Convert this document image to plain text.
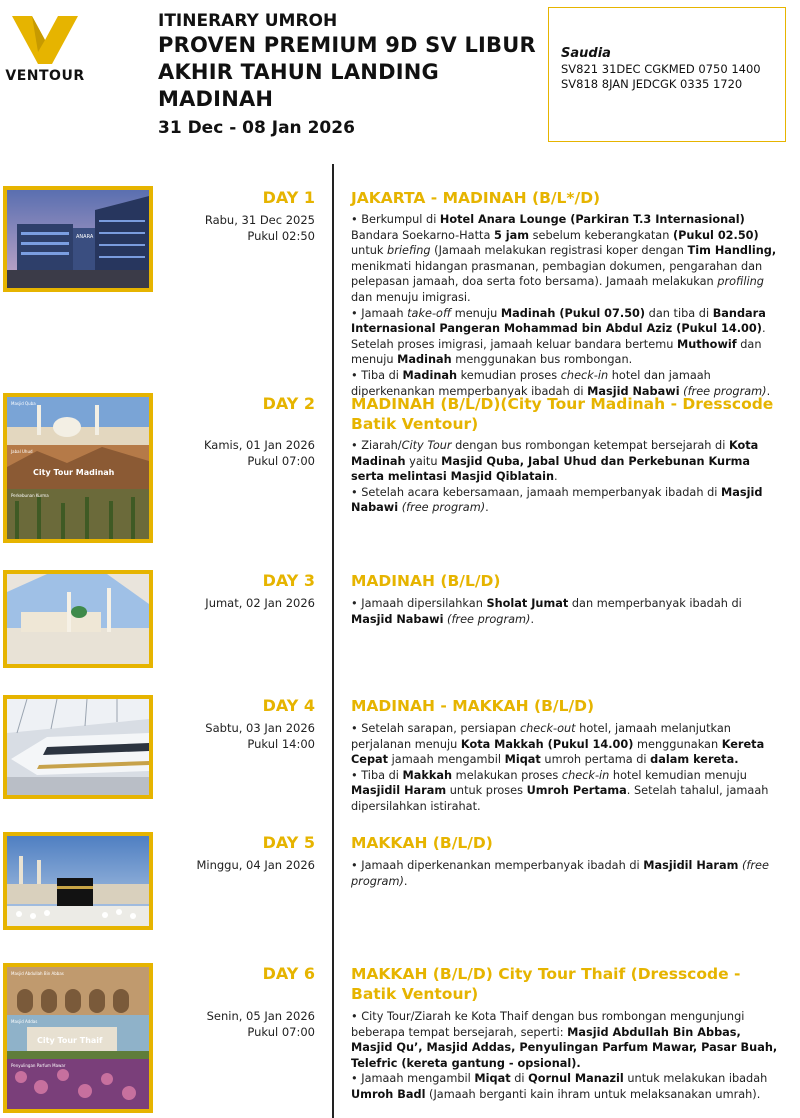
VENTOUR
ITINERARY UMROH
PROVEN PREMIUM 9D SV LIBUR
AKHIR TAHUN LANDING
MADINAH
31 Dec - 08 Jan 2026
Saudia
SV821 31DEC CGKMED 0750 1400
SV818 8JAN JEDCGK 0335 1720
ANARA
DAY 1
Rabu, 31 Dec 2025
Pukul 02:50
JAKARTA - MADINAH (B/L*/D)

• Berkumpul di Hotel Anara Lounge (Parkiran T.3 Internasional) Bandara Soekarno-Hatta 5 jam sebelum keberangkatan (Pukul 02.50) untuk briefing (Jamaah melakukan registrasi koper dengan Tim Handling, menikmati hidangan prasmanan, pembagian dokumen, pengarahan dan pelepasan jamaah, doa serta foto bersama). Jamaah melakukan profiling dan menuju imigrasi.

• Jamaah take-off menuju Madinah (Pukul 07.50) dan tiba di Bandara Internasional Pangeran Mohammad bin Abdul Aziz (Pukul 14.00). Setelah proses imigrasi, jamaah keluar bandara bertemu Muthowif dan menuju Madinah menggunakan bus rombongan.

• Tiba di Madinah kemudian proses check-in hotel dan jamaah diperkenankan memperbanyak ibadah di Masjid Nabawi (free program).

Masjid Quba
Jabal Uhud
City Tour Madinah
Perkebunan Kurma
DAY 2
Kamis, 01 Jan 2026
Pukul 07:00
MADINAH (B/L/D)(City Tour Madinah - Dresscode Batik Ventour)

• Ziarah/City Tour dengan bus rombongan ketempat bersejarah di Kota Madinah yaitu Masjid Quba, Jabal Uhud dan Perkebunan Kurma serta melintasi Masjid Qiblatain.

• Setelah acara kebersamaan, jamaah memperbanyak ibadah di Masjid Nabawi (free program).

DAY 3
Jumat, 02 Jan 2026
MADINAH (B/L/D)

• Jamaah dipersilahkan Sholat Jumat dan memperbanyak ibadah di Masjid Nabawi (free program).

DAY 4
Sabtu, 03 Jan 2026
Pukul 14:00
MADINAH - MAKKAH (B/L/D)

• Setelah sarapan, persiapan check-out hotel, jamaah melanjutkan perjalanan menuju Kota Makkah (Pukul 14.00) menggunakan Kereta Cepat jamaah mengambil Miqat umroh pertama di dalam kereta.

• Tiba di Makkah melakukan proses check-in hotel kemudian menuju Masjidil Haram untuk proses Umroh Pertama. Setelah tahalul, jamaah dipersilahkan istirahat.

DAY 5
Minggu, 04 Jan 2026
MAKKAH (B/L/D)

• Jamaah diperkenankan memperbanyak ibadah di Masjidil Haram (free program).

Masjid Abdullah Bin Abbas
Masjid Addas
City Tour Thaif
Penyulingan Parfum Mawar
DAY 6
Senin, 05 Jan 2026
Pukul 07:00
MAKKAH (B/L/D) City Tour Thaif (Dresscode - Batik Ventour)

• City Tour/Ziarah ke Kota Thaif dengan bus rombongan mengunjungi beberapa tempat bersejarah, seperti: Masjid Abdullah Bin Abbas, Masjid Qu’, Masjid Addas, Penyulingan Parfum Mawar, Pasar Buah, Telefric (kereta gantung - opsional).

• Jamaah mengambil Miqat di Qornul Manazil untuk melakukan ibadah Umroh Badl (Jamaah berganti kain ihram untuk melaksanakan umrah).
